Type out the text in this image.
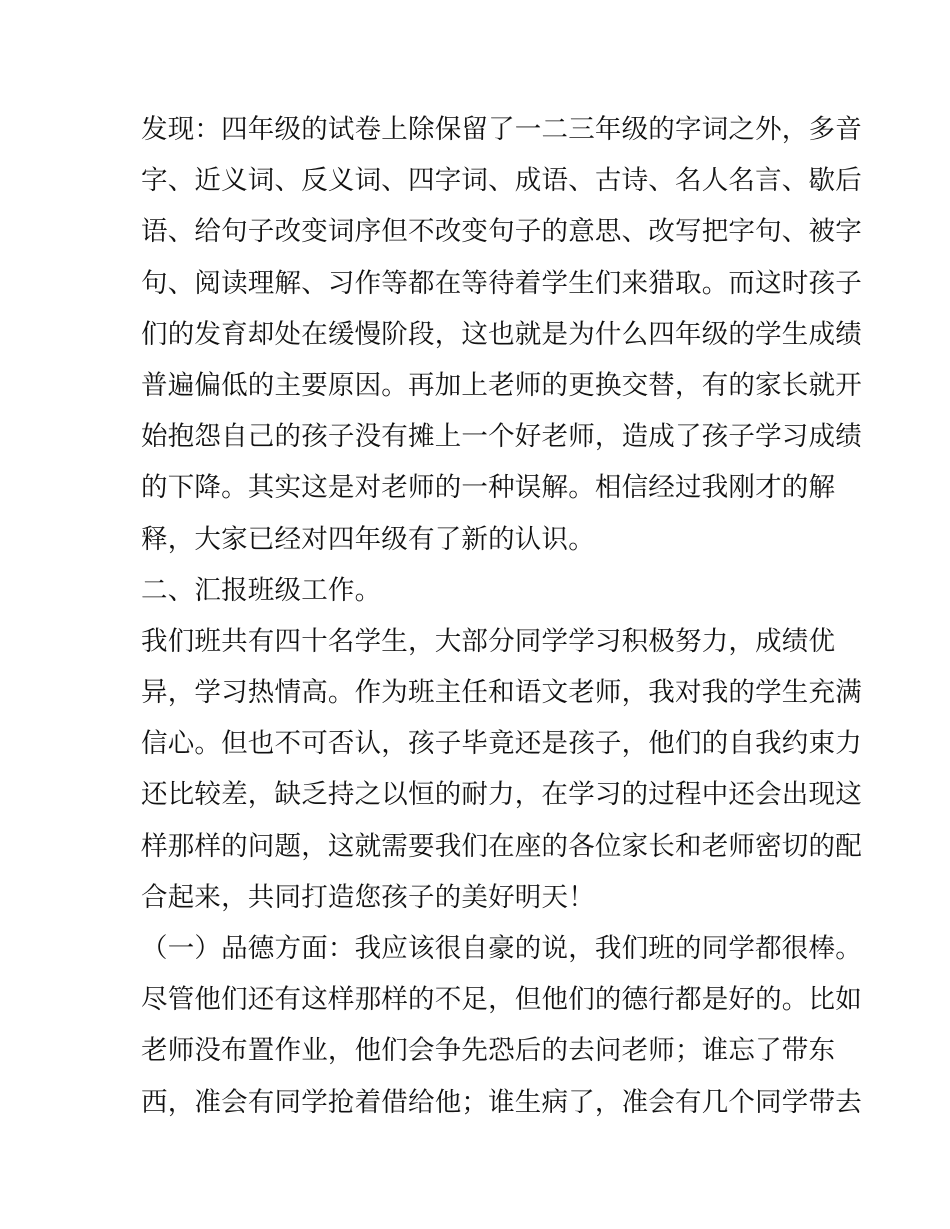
发现：四年级的试卷上除保留了一二三年级的字词之外，多音
字、近义词、反义词、四字词、成语、古诗、名人名言、歇后
语、给句子改变词序但不改变句子的意思、改写把字句、被字
句、阅读理解、习作等都在等待着学生们来猎取。而这时孩子
们的发育却处在缓慢阶段，这也就是为什么四年级的学生成绩
普遍偏低的主要原因。再加上老师的更换交替，有的家长就开
始抱怨自己的孩子没有摊上一个好老师，造成了孩子学习成绩
的下降。其实这是对老师的一种误解。相信经过我刚才的解
释，大家已经对四年级有了新的认识。
二、汇报班级工作。
我们班共有四十名学生，大部分同学学习积极努力，成绩优
异，学习热情高。作为班主任和语文老师，我对我的学生充满
信心。但也不可否认，孩子毕竟还是孩子，他们的自我约束力
还比较差，缺乏持之以恒的耐力，在学习的过程中还会出现这
样那样的问题，这就需要我们在座的各位家长和老师密切的配
合起来，共同打造您孩子的美好明天！
（一）品德方面：我应该很自豪的说，我们班的同学都很棒。
尽管他们还有这样那样的不足，但他们的德行都是好的。比如
老师没布置作业，他们会争先恐后的去问老师；谁忘了带东
西，准会有同学抢着借给他；谁生病了，准会有几个同学带去
